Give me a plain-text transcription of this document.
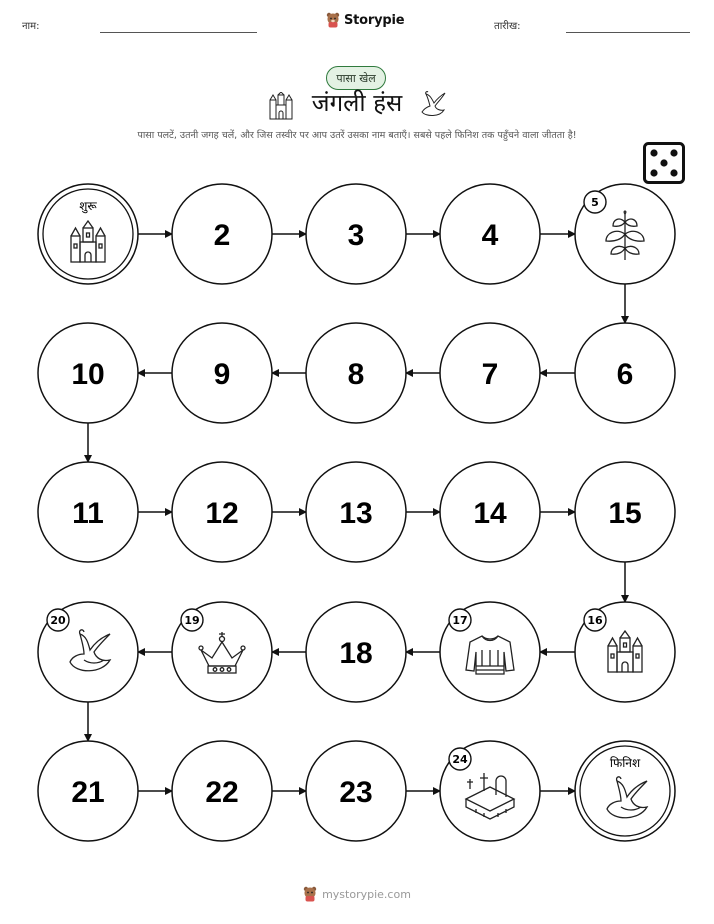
नाम:	Storypie	तारीख:
पासा खेल
जंगली हंस
पासा पलटें, उतनी जगह चलें, और जिस तस्वीर पर आप उतरें उसका नाम बताएँ। सबसे पहले फिनिश तक पहुँचने वाला जीतता है!
शुरू
2	3	4
5
6
7
8
9
10
11	12	13	14	15
16
17
18
19
20
21	22	23
24	फिनिश
mystorypie.com
